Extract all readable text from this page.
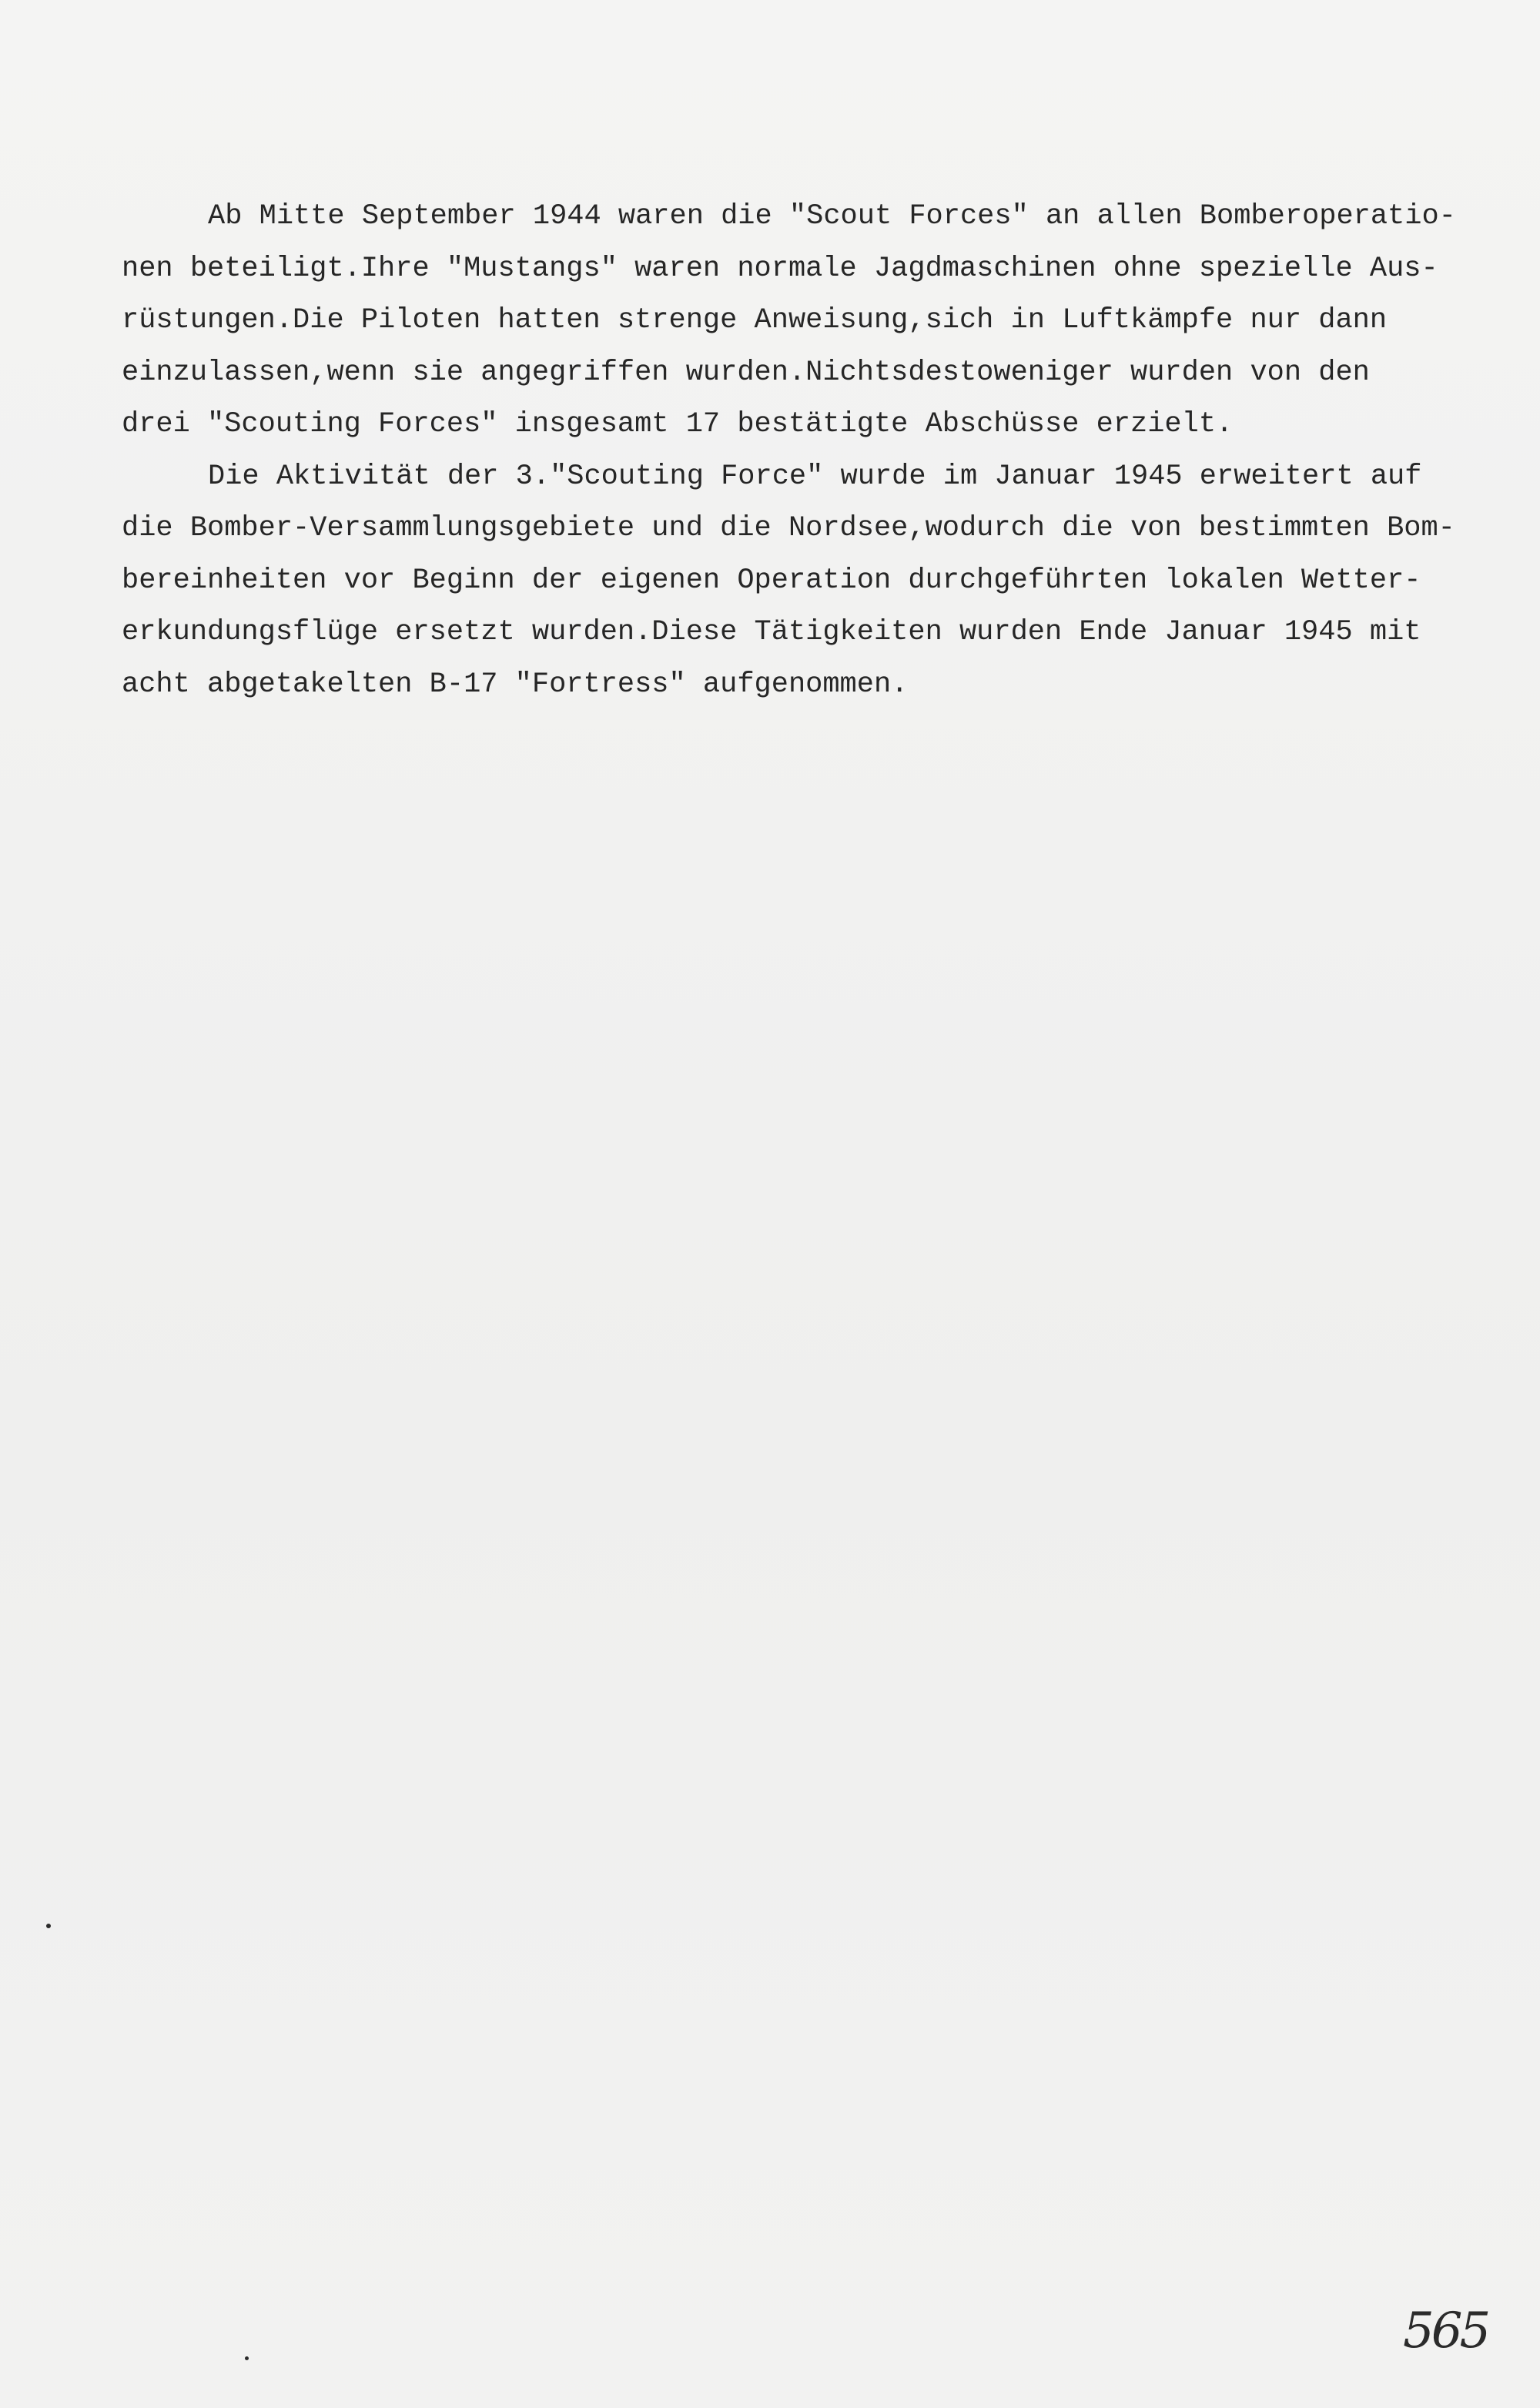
Ab Mitte September 1944 waren die "Scout Forces" an allen Bomberoperatio-
nen beteiligt.Ihre "Mustangs" waren normale Jagdmaschinen ohne spezielle Aus-
rüstungen.Die Piloten hatten strenge Anweisung,sich in Luftkämpfe nur dann
einzulassen,wenn sie angegriffen wurden.Nichtsdestoweniger wurden von den
drei "Scouting Forces" insgesamt 17 bestätigte Abschüsse erzielt.
Die Aktivität der 3."Scouting Force" wurde im Januar 1945 erweitert auf
die Bomber-Versammlungsgebiete und die Nordsee,wodurch die von bestimmten Bom-
bereinheiten vor Beginn der eigenen Operation durchgeführten lokalen Wetter-
erkundungsflüge ersetzt wurden.Diese Tätigkeiten wurden Ende Januar 1945 mit
acht abgetakelten B-17 "Fortress" aufgenommen.
565
